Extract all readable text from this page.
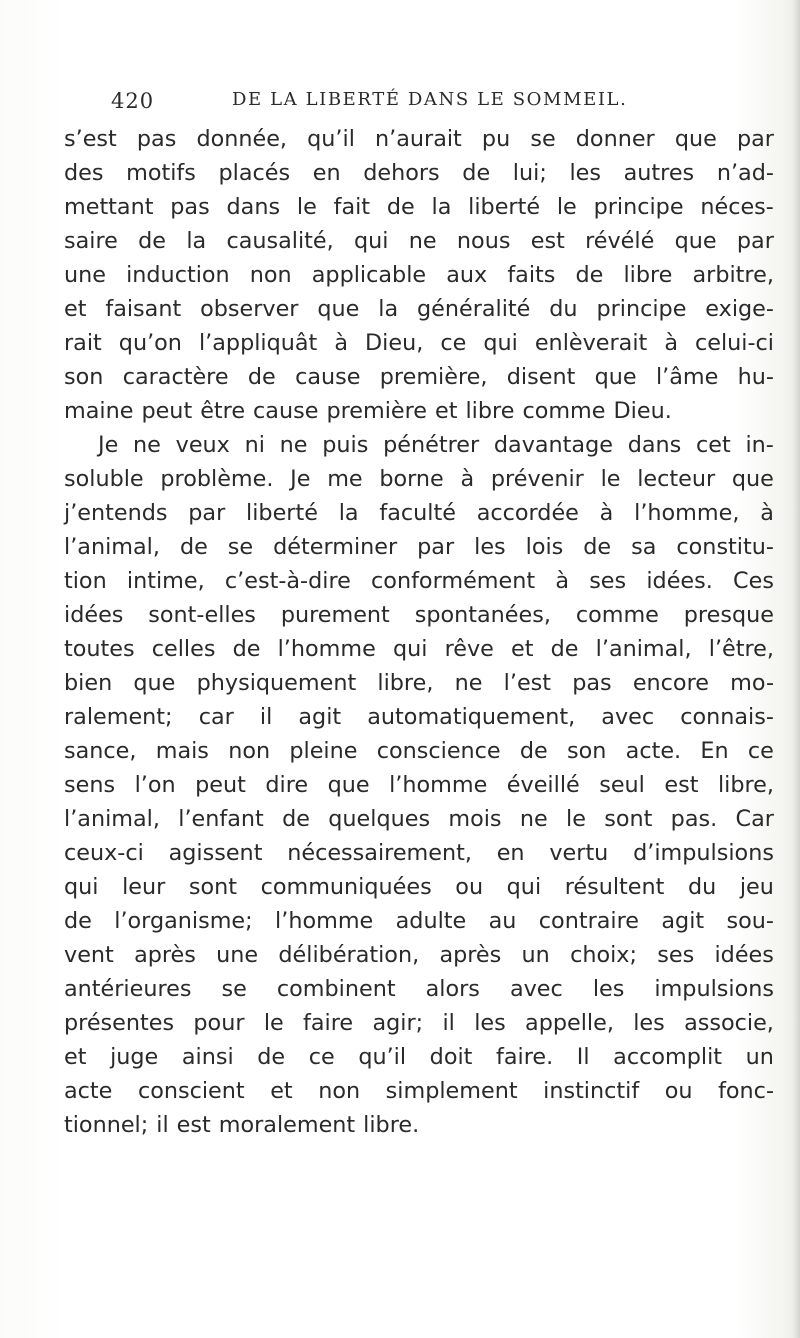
420	DE LA LIBERTÉ DANS LE SOMMEIL.
s’est pas donnée, qu’il n’aurait pu se donner que par
des motifs placés en dehors de lui; les autres n’ad-
mettant pas dans le fait de la liberté le principe néces-
saire de la causalité, qui ne nous est révélé que par
une induction non applicable aux faits de libre arbitre,
et faisant observer que la généralité du principe exige-
rait qu’on l’appliquât à Dieu, ce qui enlèverait à celui-ci
son caractère de cause première, disent que l’âme hu-
maine peut être cause première et libre comme Dieu.
Je ne veux ni ne puis pénétrer davantage dans cet in-
soluble problème. Je me borne à prévenir le lecteur que
j’entends par liberté la faculté accordée à l’homme, à
l’animal, de se déterminer par les lois de sa constitu-
tion intime, c’est-à-dire conformément à ses idées. Ces
idées sont-elles purement spontanées, comme presque
toutes celles de l’homme qui rêve et de l’animal, l’être,
bien que physiquement libre, ne l’est pas encore mo-
ralement; car il agit automatiquement, avec connais-
sance, mais non pleine conscience de son acte. En ce
sens l’on peut dire que l’homme éveillé seul est libre,
l’animal, l’enfant de quelques mois ne le sont pas. Car
ceux-ci agissent nécessairement, en vertu d’impulsions
qui leur sont communiquées ou qui résultent du jeu
de l’organisme; l’homme adulte au contraire agit sou-
vent après une délibération, après un choix; ses idées
antérieures se combinent alors avec les impulsions
présentes pour le faire agir; il les appelle, les associe,
et juge ainsi de ce qu’il doit faire. Il accomplit un
acte conscient et non simplement instinctif ou fonc-
tionnel; il est moralement libre.
